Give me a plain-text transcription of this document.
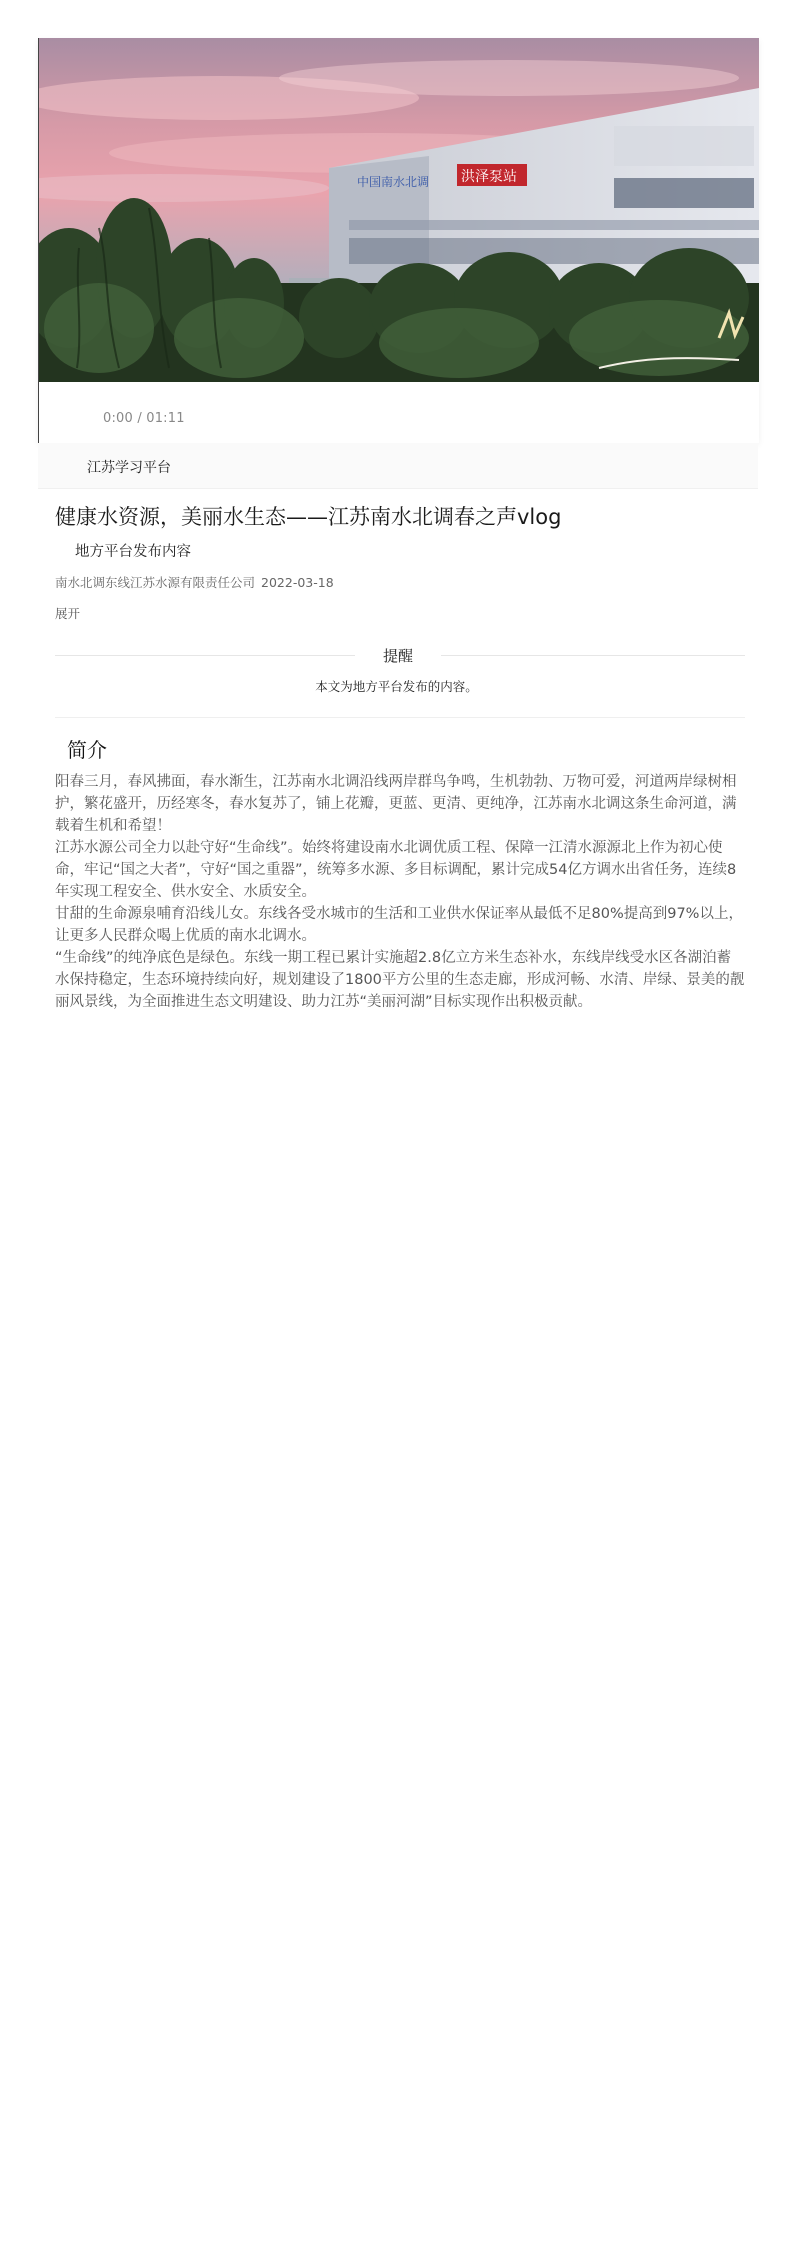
中国南水北调 洪泽泵站
0:00 / 01:11
江苏学习平台
健康水资源，美丽水生态——江苏南水北调春之声vlog
地方平台发布内容
南水北调东线江苏水源有限责任公司 2022-03-18
展开
提醒
本文为地方平台发布的内容。
简介

阳春三月，春风拂面，春水渐生，江苏南水北调沿线两岸群鸟争鸣，生机勃勃、万物可爱，河道两岸绿树相护，繁花盛开，历经寒冬，春水复苏了，铺上花瓣，更蓝、更清、更纯净，江苏南水北调这条生命河道，满载着生机和希望！

江苏水源公司全力以赴守好“生命线”。始终将建设南水北调优质工程、保障一江清水源源北上作为初心使命，牢记“国之大者”，守好“国之重器”，统筹多水源、多目标调配，累计完成54亿方调水出省任务，连续8年实现工程安全、供水安全、水质安全。

甘甜的生命源泉哺育沿线儿女。东线各受水城市的生活和工业供水保证率从最低不足80%提高到97%以上，让更多人民群众喝上优质的南水北调水。

“生命线”的纯净底色是绿色。东线一期工程已累计实施超2.8亿立方米生态补水，东线岸线受水区各湖泊蓄水保持稳定，生态环境持续向好，规划建设了1800平方公里的生态走廊，形成河畅、水清、岸绿、景美的靓丽风景线，为全面推进生态文明建设、助力江苏“美丽河湖”目标实现作出积极贡献。
